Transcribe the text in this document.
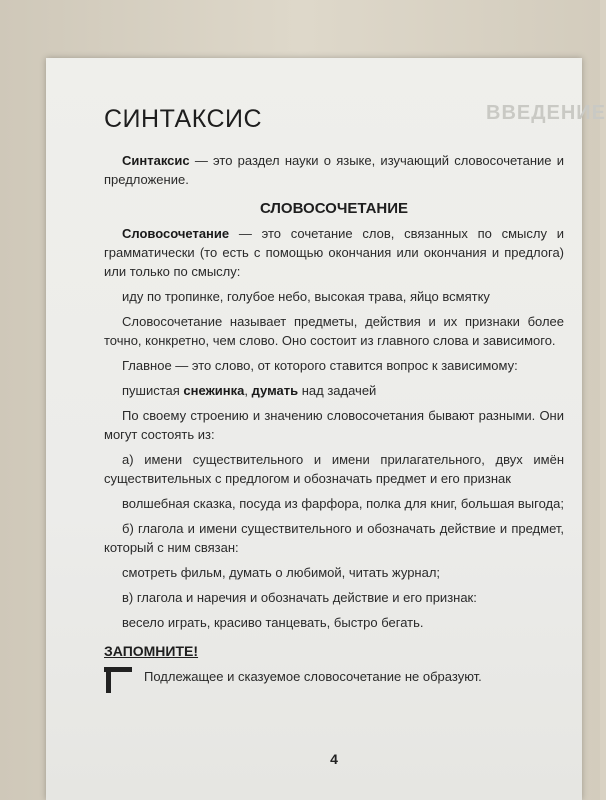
ВВЕДЕНИЕ
СИНТАКСИС

Синтаксис — это раздел науки о языке, изучающий словосочетание и предложение.

СЛОВОСОЧЕТАНИЕ

Словосочетание — это сочетание слов, связанных по смыслу и грамматически (то есть с помощью окончания или окончания и предлога) или только по смыслу:

иду по тропинке, голубое небо, высокая трава, яйцо всмятку

Словосочетание называет предметы, действия и их признаки более точно, конкретно, чем слово. Оно состоит из главного слова и зависимого.

Главное — это слово, от которого ставится вопрос к зависимому:

пушистая снежинка, думать над задачей

По своему строению и значению словосочетания бывают разными. Они могут состоять из:

а) имени существительного и имени прилагательного, двух имён существительных с предлогом и обозначать предмет и его признак

волшебная сказка, посуда из фарфора, полка для книг, большая выгода;

б) глагола и имени существительного и обозначать действие и предмет, который с ним связан:

смотреть фильм, думать о любимой, читать журнал;

в) глагола и наречия и обозначать действие и его признак:

весело играть, красиво танцевать, быстро бегать.

ЗАПОМНИТЕ!

Подлежащее и сказуемое словосочетание не образуют.

4
